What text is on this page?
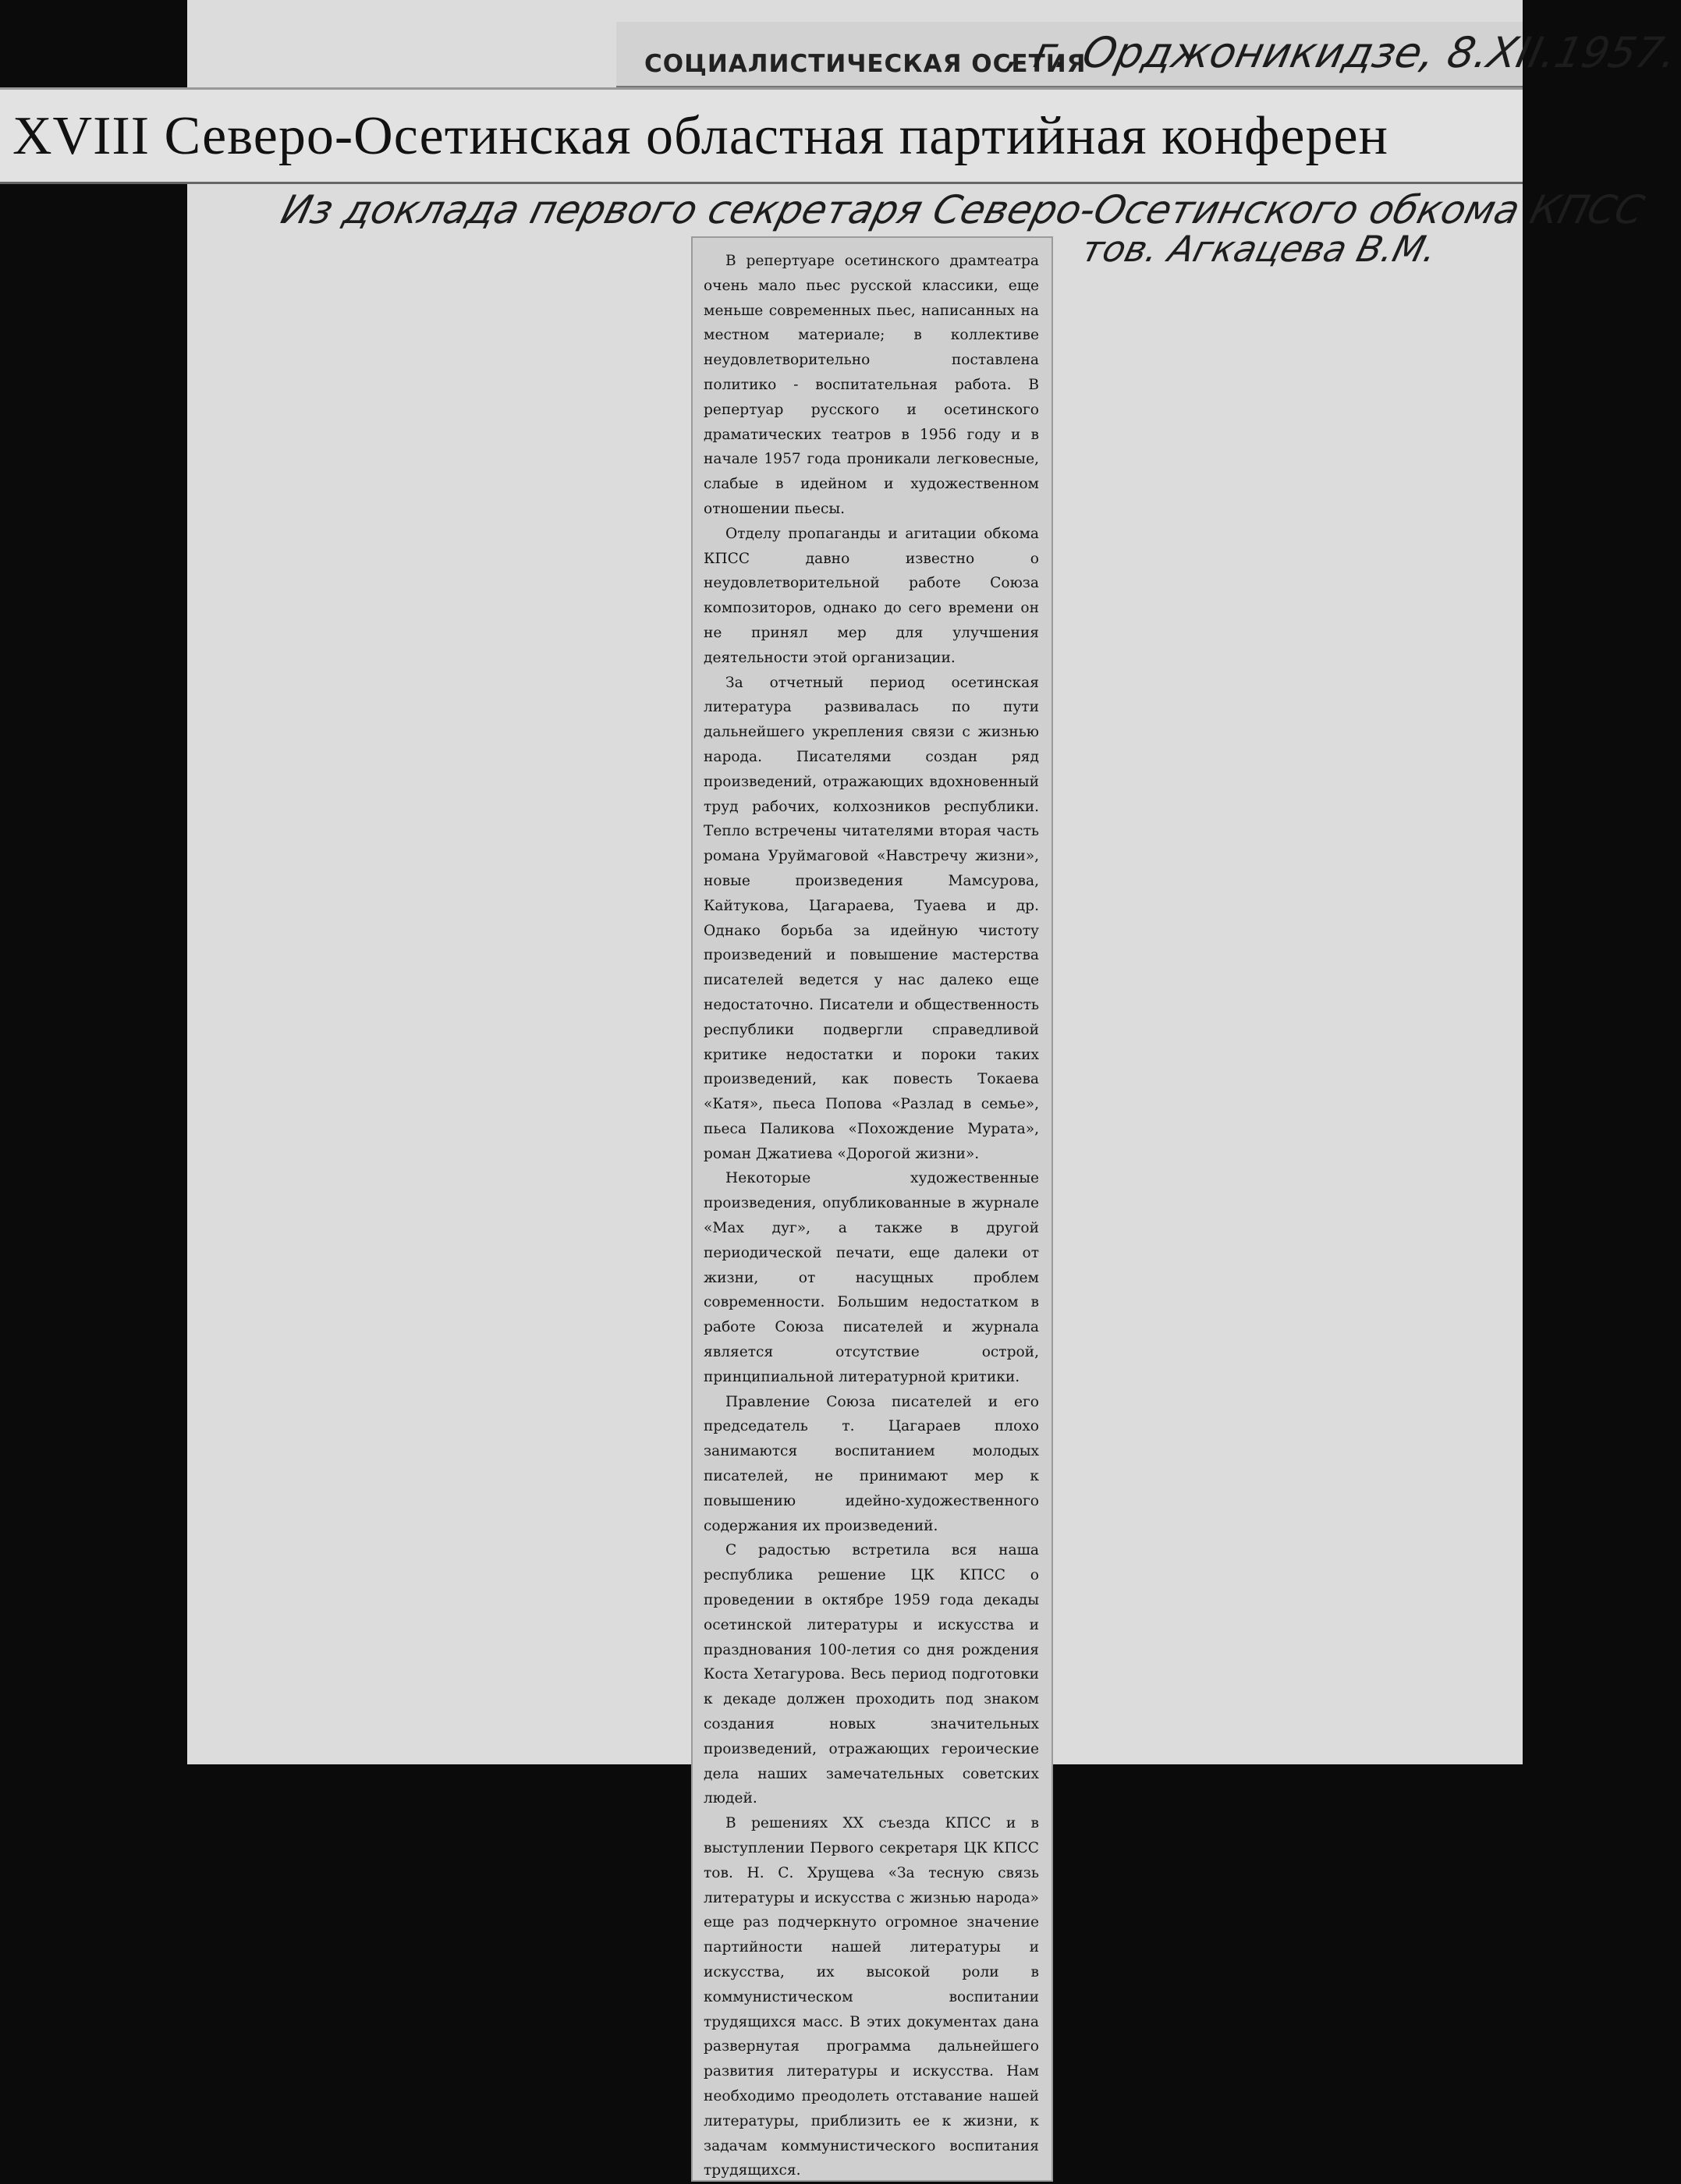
СОЦИАЛИСТИЧЕСКАЯ ОСЕТИЯ
, г. Орджоникидзе, 8.XII.1957.
XVIII Северо-Осетинская областная партийная конферен
Из доклада первого секретаря Северо-Осетинского обкома КПСС
тов. Агкацева В.М.

В репертуаре осетинского драмтеатра очень мало пьес русской классики, еще меньше современных пьес, написанных на местном материале; в коллективе неудовлетворительно поставлена политико - воспитательная работа. В репертуар русского и осетинского драматических театров в 1956 году и в начале 1957 года проникали легковесные, слабые в идейном и художественном отношении пьесы.

Отделу пропаганды и агитации обкома КПСС давно известно о неудовлетворительной работе Союза композиторов, однако до сего времени он не принял мер для улучшения деятельности этой организации.

За отчетный период осетинская литература развивалась по пути дальнейшего укрепления связи с жизнью народа. Писателями создан ряд произведений, отражающих вдохновенный труд рабочих, колхозников республики. Тепло встречены читателями вторая часть романа Уруймаговой «Навстречу жизни», новые произведения Мамсурова, Кайтукова, Цагараева, Туаева и др. Однако борьба за идейную чистоту произведений и повышение мастерства писателей ведется у нас далеко еще недостаточно. Писатели и общественность республики подвергли справедливой критике недостатки и пороки таких произведений, как повесть Токаева «Катя», пьеса Попова «Разлад в семье», пьеса Паликова «Похождение Мурата», роман Джатиева «Дорогой жизни».

Некоторые художественные произведения, опубликованные в журнале «Мах дуг», а также в другой периодической печати, еще далеки от жизни, от насущных проблем современности. Большим недостатком в работе Союза писателей и журнала является отсутствие острой, принципиальной литературной критики.

Правление Союза писателей и его председатель т. Цагараев плохо занимаются воспитанием молодых писателей, не принимают мер к повышению идейно-художественного содержания их произведений.

С радостью встретила вся наша республика решение ЦК КПСС о проведении в октябре 1959 года декады осетинской литературы и искусства и празднования 100-летия со дня рождения Коста Хетагурова. Весь период подготовки к декаде должен проходить под знаком создания новых значительных произведений, отражающих героические дела наших замечательных советских людей.

В решениях XX съезда КПСС и в выступлении Первого секретаря ЦК КПСС тов. Н. С. Хрущева «За тесную связь литературы и искусства с жизнью народа» еще раз подчеркнуто огромное значение партийности нашей литературы и искусства, их высокой роли в коммунистическом воспитании трудящихся масс. В этих документах дана развернутая программа дальнейшего развития литературы и искусства. Нам необходимо преодолеть отставание нашей литературы, приблизить ее к жизни, к задачам коммунистического воспитания трудящихся.
